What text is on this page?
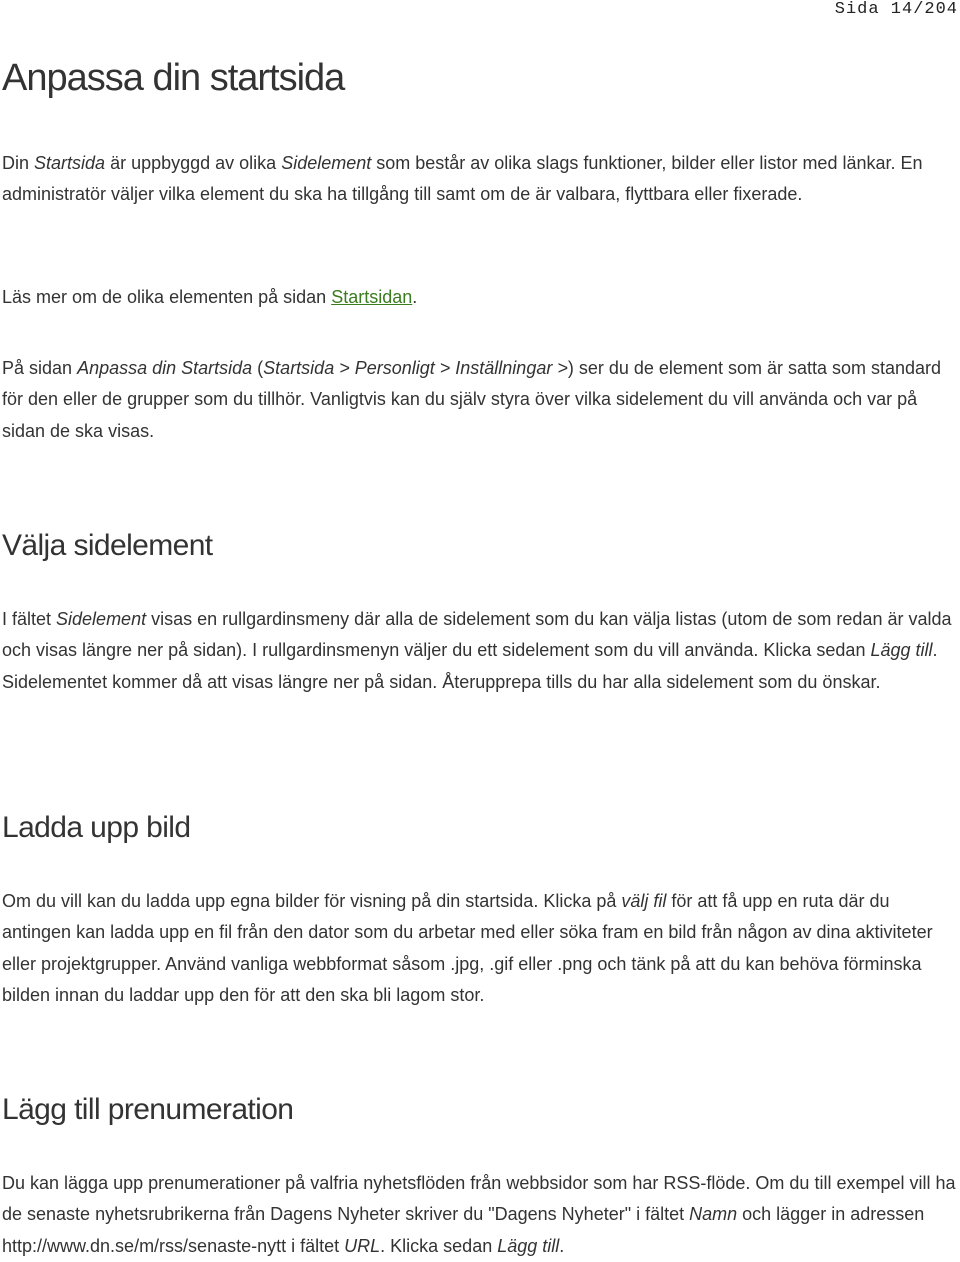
Sida 14/204
Anpassa din startsida

Din Startsida är uppbyggd av olika Sidelement som består av olika slags funktioner, bilder eller listor med länkar. En administratör väljer vilka element du ska ha tillgång till samt om de är valbara, flyttbara eller fixerade.

Läs mer om de olika elementen på sidan Startsidan.

På sidan Anpassa din Startsida (Startsida > Personligt > Inställningar >) ser du de element som är satta som standard för den eller de grupper som du tillhör. Vanligtvis kan du själv styra över vilka sidelement du vill använda och var på sidan de ska visas.

Välja sidelement

I fältet Sidelement visas en rullgardinsmeny där alla de sidelement som du kan välja listas (utom de som redan är valda och visas längre ner på sidan). I rullgardinsmenyn väljer du ett sidelement som du vill använda. Klicka sedan Lägg till. Sidelementet kommer då att visas längre ner på sidan. Återupprepa tills du har alla sidelement som du önskar.

Ladda upp bild

Om du vill kan du ladda upp egna bilder för visning på din startsida. Klicka på välj fil för att få upp en ruta där du antingen kan ladda upp en fil från den dator som du arbetar med eller söka fram en bild från någon av dina aktiviteter eller projektgrupper. Använd vanliga webbformat såsom .jpg, .gif eller .png och tänk på att du kan behöva förminska bilden innan du laddar upp den för att den ska bli lagom stor.

Lägg till prenumeration

Du kan lägga upp prenumerationer på valfria nyhetsflöden från webbsidor som har RSS-flöde. Om du till exempel vill ha de senaste nyhetsrubrikerna från Dagens Nyheter skriver du "Dagens Nyheter" i fältet Namn och lägger in adressen http://www.dn.se/m/rss/senaste-nytt i fältet URL. Klicka sedan Lägg till.
